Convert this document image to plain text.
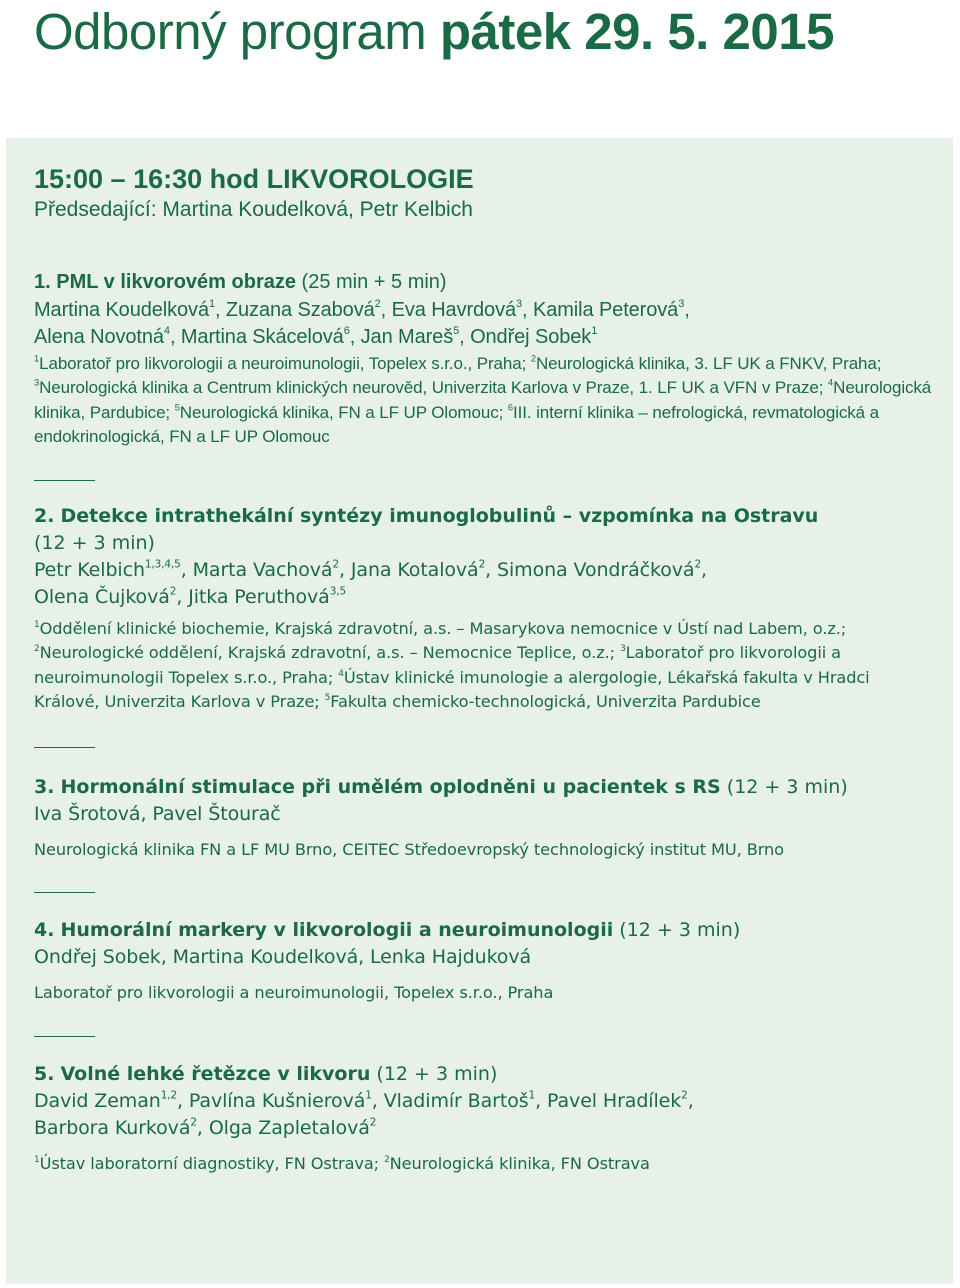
Odborný program pátek 29. 5. 2015

15:00 – 16:30 hod LIKVOROLOGIE

Předsedající: Martina Koudelková, Petr Kelbich

1. PML v likvorovém obraze (25 min + 5 min)

Martina Koudelková$^1$, Zuzana Szabová$^2$, Eva Havrdová$^3$, Kamila Peterová$^3$,
Alena Novotná$^4$, Martina Skácelová$^6$, Jan Mareš$^5$, Ondřej Sobek$^1$

$^1$Laboratoř pro likvorologii a neuroimunologii, Topelex s.r.o., Praha; $^2$Neurologická klinika, 3. LF UK a FNKV, Praha; $^3$Neurologická klinika a Centrum klinických neurověd, Univerzita Karlova v Praze, 1. LF UK a VFN v Praze; $^4$Neurologická klinika, Pardubice; $^5$Neurologická klinika, FN a LF UP Olomouc; $^6$III. interní klinika – nefrologická, revmatologická a endokrinologická, FN a LF UP Olomouc

2. Detekce intrathekální syntézy imunoglobulinů – vzpomínka na Ostravu
(12 + 3 min)

Petr Kelbich$^{1,3,4,5}$, Marta Vachová$^2$, Jana Kotalová$^2$, Simona Vondráčková$^2$,
Olena Čujková$^2$, Jitka Peruthová$^{3,5}$

$^1$Oddělení klinické biochemie, Krajská zdravotní, a.s. – Masarykova nemocnice v Ústí nad Labem, o.z.; $^2$Neurologické oddělení, Krajská zdravotní, a.s. – Nemocnice Teplice, o.z.; $^3$Laboratoř pro likvorologii a neuroimunologii Topelex s.r.o., Praha; $^4$Ústav klinické imunologie a alergologie, Lékařská fakulta v Hradci Králové, Univerzita Karlova v Praze; $^5$Fakulta chemicko-technologická, Univerzita Pardubice

3. Hormonální stimulace při umělém oplodněni u pacientek s RS (12 + 3 min)

Iva Šrotová, Pavel Štourač

Neurologická klinika FN a LF MU Brno, CEITEC Středoevropský technologický institut MU, Brno

4. Humorální markery v likvorologii a neuroimunologii (12 + 3 min)

Ondřej Sobek, Martina Koudelková, Lenka Hajduková

Laboratoř pro likvorologii a neuroimunologii, Topelex s.r.o., Praha

5. Volné lehké řetězce v likvoru (12 + 3 min)

David Zeman$^{1,2}$, Pavlína Kušnierová$^1$, Vladimír Bartoš$^1$, Pavel Hradílek$^2$,
Barbora Kurková$^2$, Olga Zapletalová$^2$

$^1$Ústav laboratorní diagnostiky, FN Ostrava; $^2$Neurologická klinika, FN Ostrava
